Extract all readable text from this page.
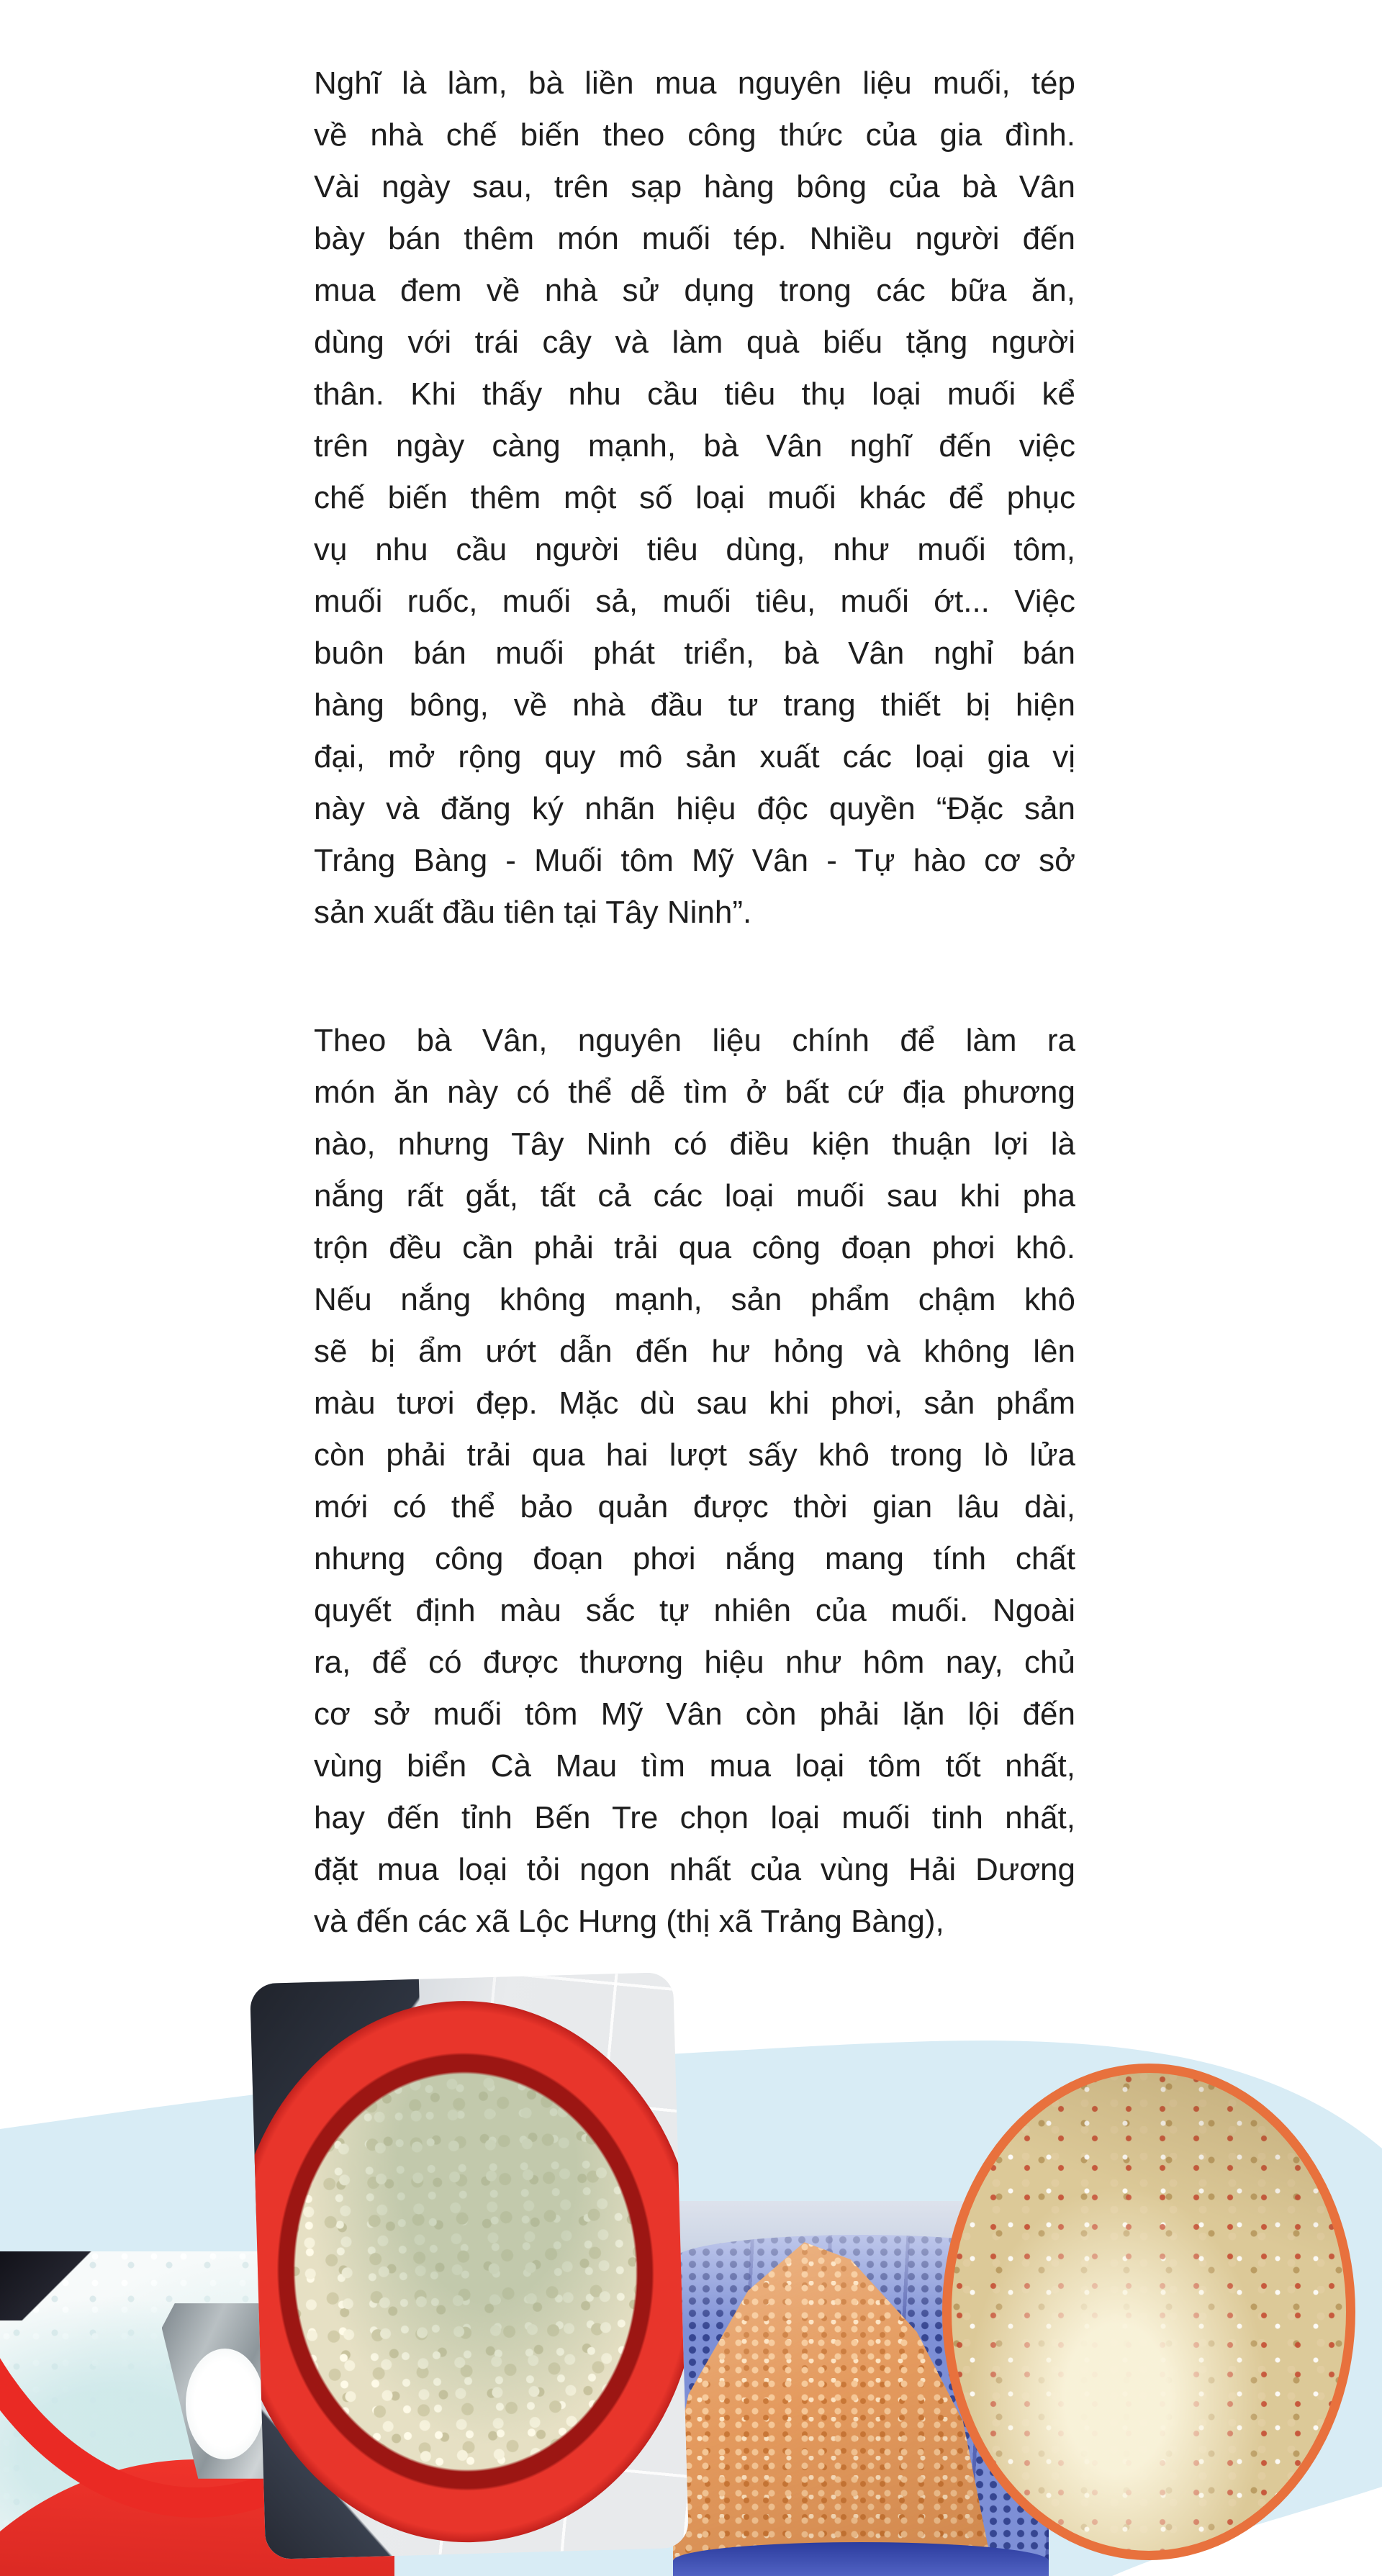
Nghĩ là làm, bà liền mua nguyên liệu muối, tép
về nhà chế biến theo công thức của gia đình.
Vài ngày sau, trên sạp hàng bông của bà Vân
bày bán thêm món muối tép. Nhiều người đến
mua đem về nhà sử dụng trong các bữa ăn,
dùng với trái cây và làm quà biếu tặng người
thân. Khi thấy nhu cầu tiêu thụ loại muối kể
trên ngày càng mạnh, bà Vân nghĩ đến việc
chế biến thêm một số loại muối khác để phục
vụ nhu cầu người tiêu dùng, như muối tôm,
muối ruốc, muối sả, muối tiêu, muối ớt... Việc
buôn bán muối phát triển, bà Vân nghỉ bán
hàng bông, về nhà đầu tư trang thiết bị hiện
đại, mở rộng quy mô sản xuất các loại gia vị
này và đăng ký nhãn hiệu độc quyền “Đặc sản
Trảng Bàng - Muối tôm Mỹ Vân - Tự hào cơ sở
sản xuất đầu tiên tại Tây Ninh”.
Theo bà Vân, nguyên liệu chính để làm ra
món ăn này có thể dễ tìm ở bất cứ địa phương
nào, nhưng Tây Ninh có điều kiện thuận lợi là
nắng rất gắt, tất cả các loại muối sau khi pha
trộn đều cần phải trải qua công đoạn phơi khô.
Nếu nắng không mạnh, sản phẩm chậm khô
sẽ bị ẩm ướt dẫn đến hư hỏng và không lên
màu tươi đẹp. Mặc dù sau khi phơi, sản phẩm
còn phải trải qua hai lượt sấy khô trong lò lửa
mới có thể bảo quản được thời gian lâu dài,
nhưng công đoạn phơi nắng mang tính chất
quyết định màu sắc tự nhiên của muối. Ngoài
ra, để có được thương hiệu như hôm nay, chủ
cơ sở muối tôm Mỹ Vân còn phải lặn lội đến
vùng biển Cà Mau tìm mua loại tôm tốt nhất,
hay đến tỉnh Bến Tre chọn loại muối tinh nhất,
đặt mua loại tỏi ngon nhất của vùng Hải Dương
và đến các xã Lộc Hưng (thị xã Trảng Bàng),
